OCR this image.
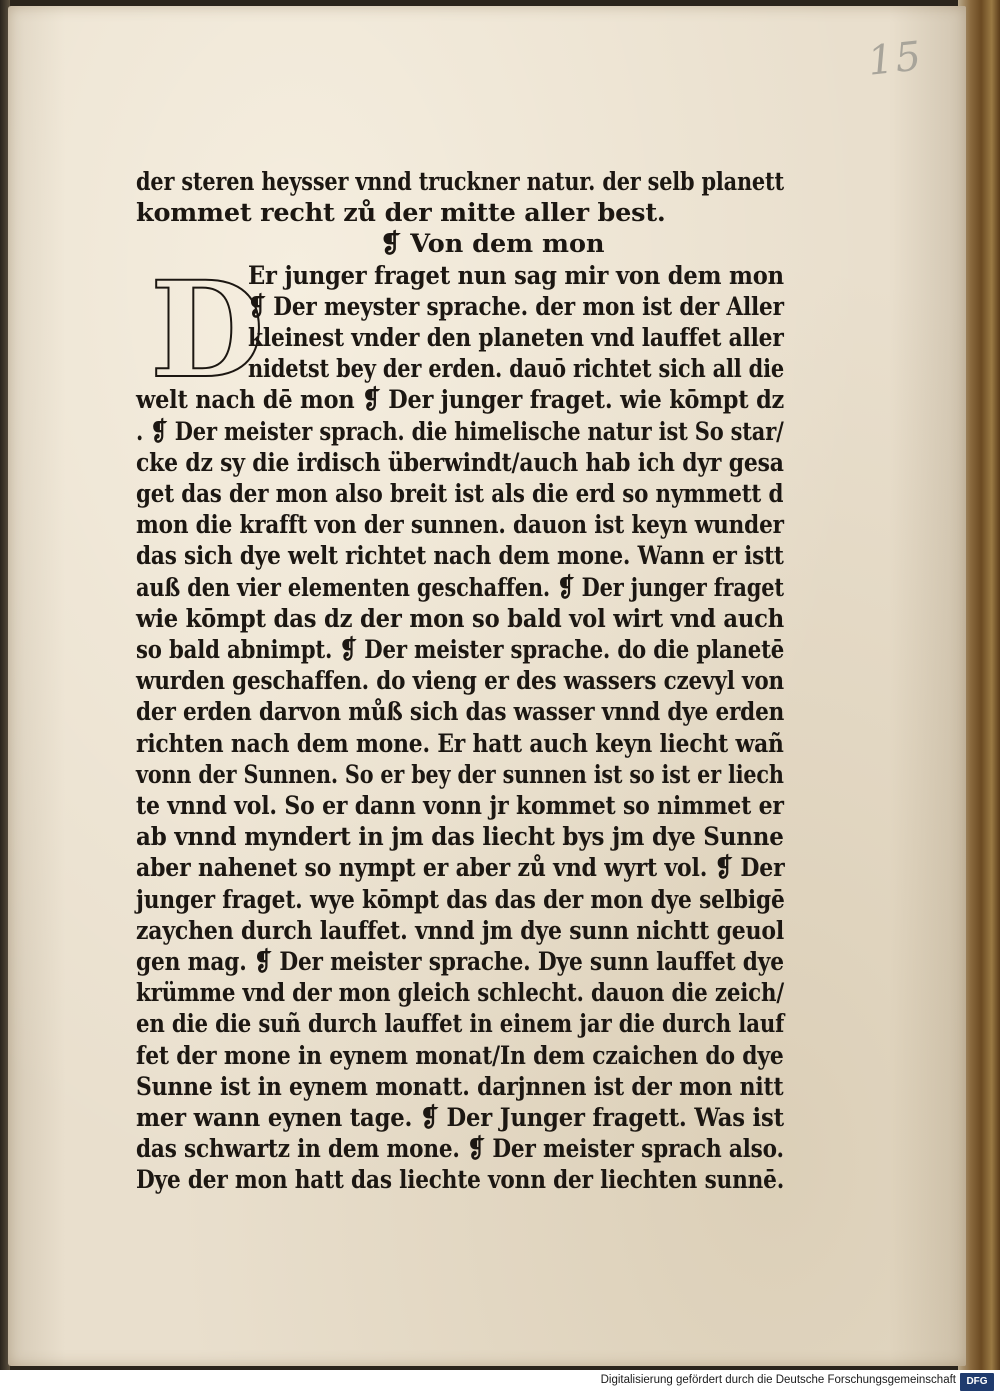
15
der steren heysser vnnd truckner natur. der selb planett
kommet recht zů der mitte aller best.
❡ Von dem mon
D
Er junger fraget nun sag mir von dem mon
❡ Der meyster sprache. der mon ist der Aller
kleinest vnder den planeten vnd lauffet aller
nidetst bey der erden. dauō richtet sich all die
welt nach dē mon ❡ Der junger fraget. wie kōmpt dz
. ❡ Der meister sprach. die himelische natur ist So star/
cke dz sy die irdisch überwindt/auch hab ich dyr gesa
get das der mon also breit ist als die erd so nymmett d
mon die krafft von der sunnen. dauon ist keyn wunder
das sich dye welt richtet nach dem mone. Wann er istt
auß den vier elementen geschaffen. ❡ Der junger fraget
wie kōmpt das dz der mon so bald vol wirt vnd auch
so bald abnimpt. ❡ Der meister sprache. do die planetē
wurden geschaffen. do vieng er des wassers czevyl von
der erden darvon můß sich das wasser vnnd dye erden
richten nach dem mone. Er hatt auch keyn liecht wañ
vonn der Sunnen. So er bey der sunnen ist so ist er liech
te vnnd vol. So er dann vonn jr kommet so nimmet er
ab vnnd myndert in jm das liecht bys jm dye Sunne
aber nahenet so nympt er aber zů vnd wyrt vol. ❡ Der
junger fraget. wye kōmpt das das der mon dye selbigē
zaychen durch lauffet. vnnd jm dye sunn nichtt geuol
gen mag. ❡ Der meister sprache. Dye sunn lauffet dye
krümme vnd der mon gleich schlecht. dauon die zeich/
en die die suñ durch lauffet in einem jar die durch lauf
fet der mone in eynem monat/In dem czaichen do dye
Sunne ist in eynem monatt. darjnnen ist der mon nitt
mer wann eynen tage. ❡ Der Junger fragett. Was ist
das schwartz in dem mone. ❡ Der meister sprach also.
Dye der mon hatt das liechte vonn der liechten sunnē.
Digitalisierung gefördert durch die Deutsche Forschungsgemeinschaft	DFG
